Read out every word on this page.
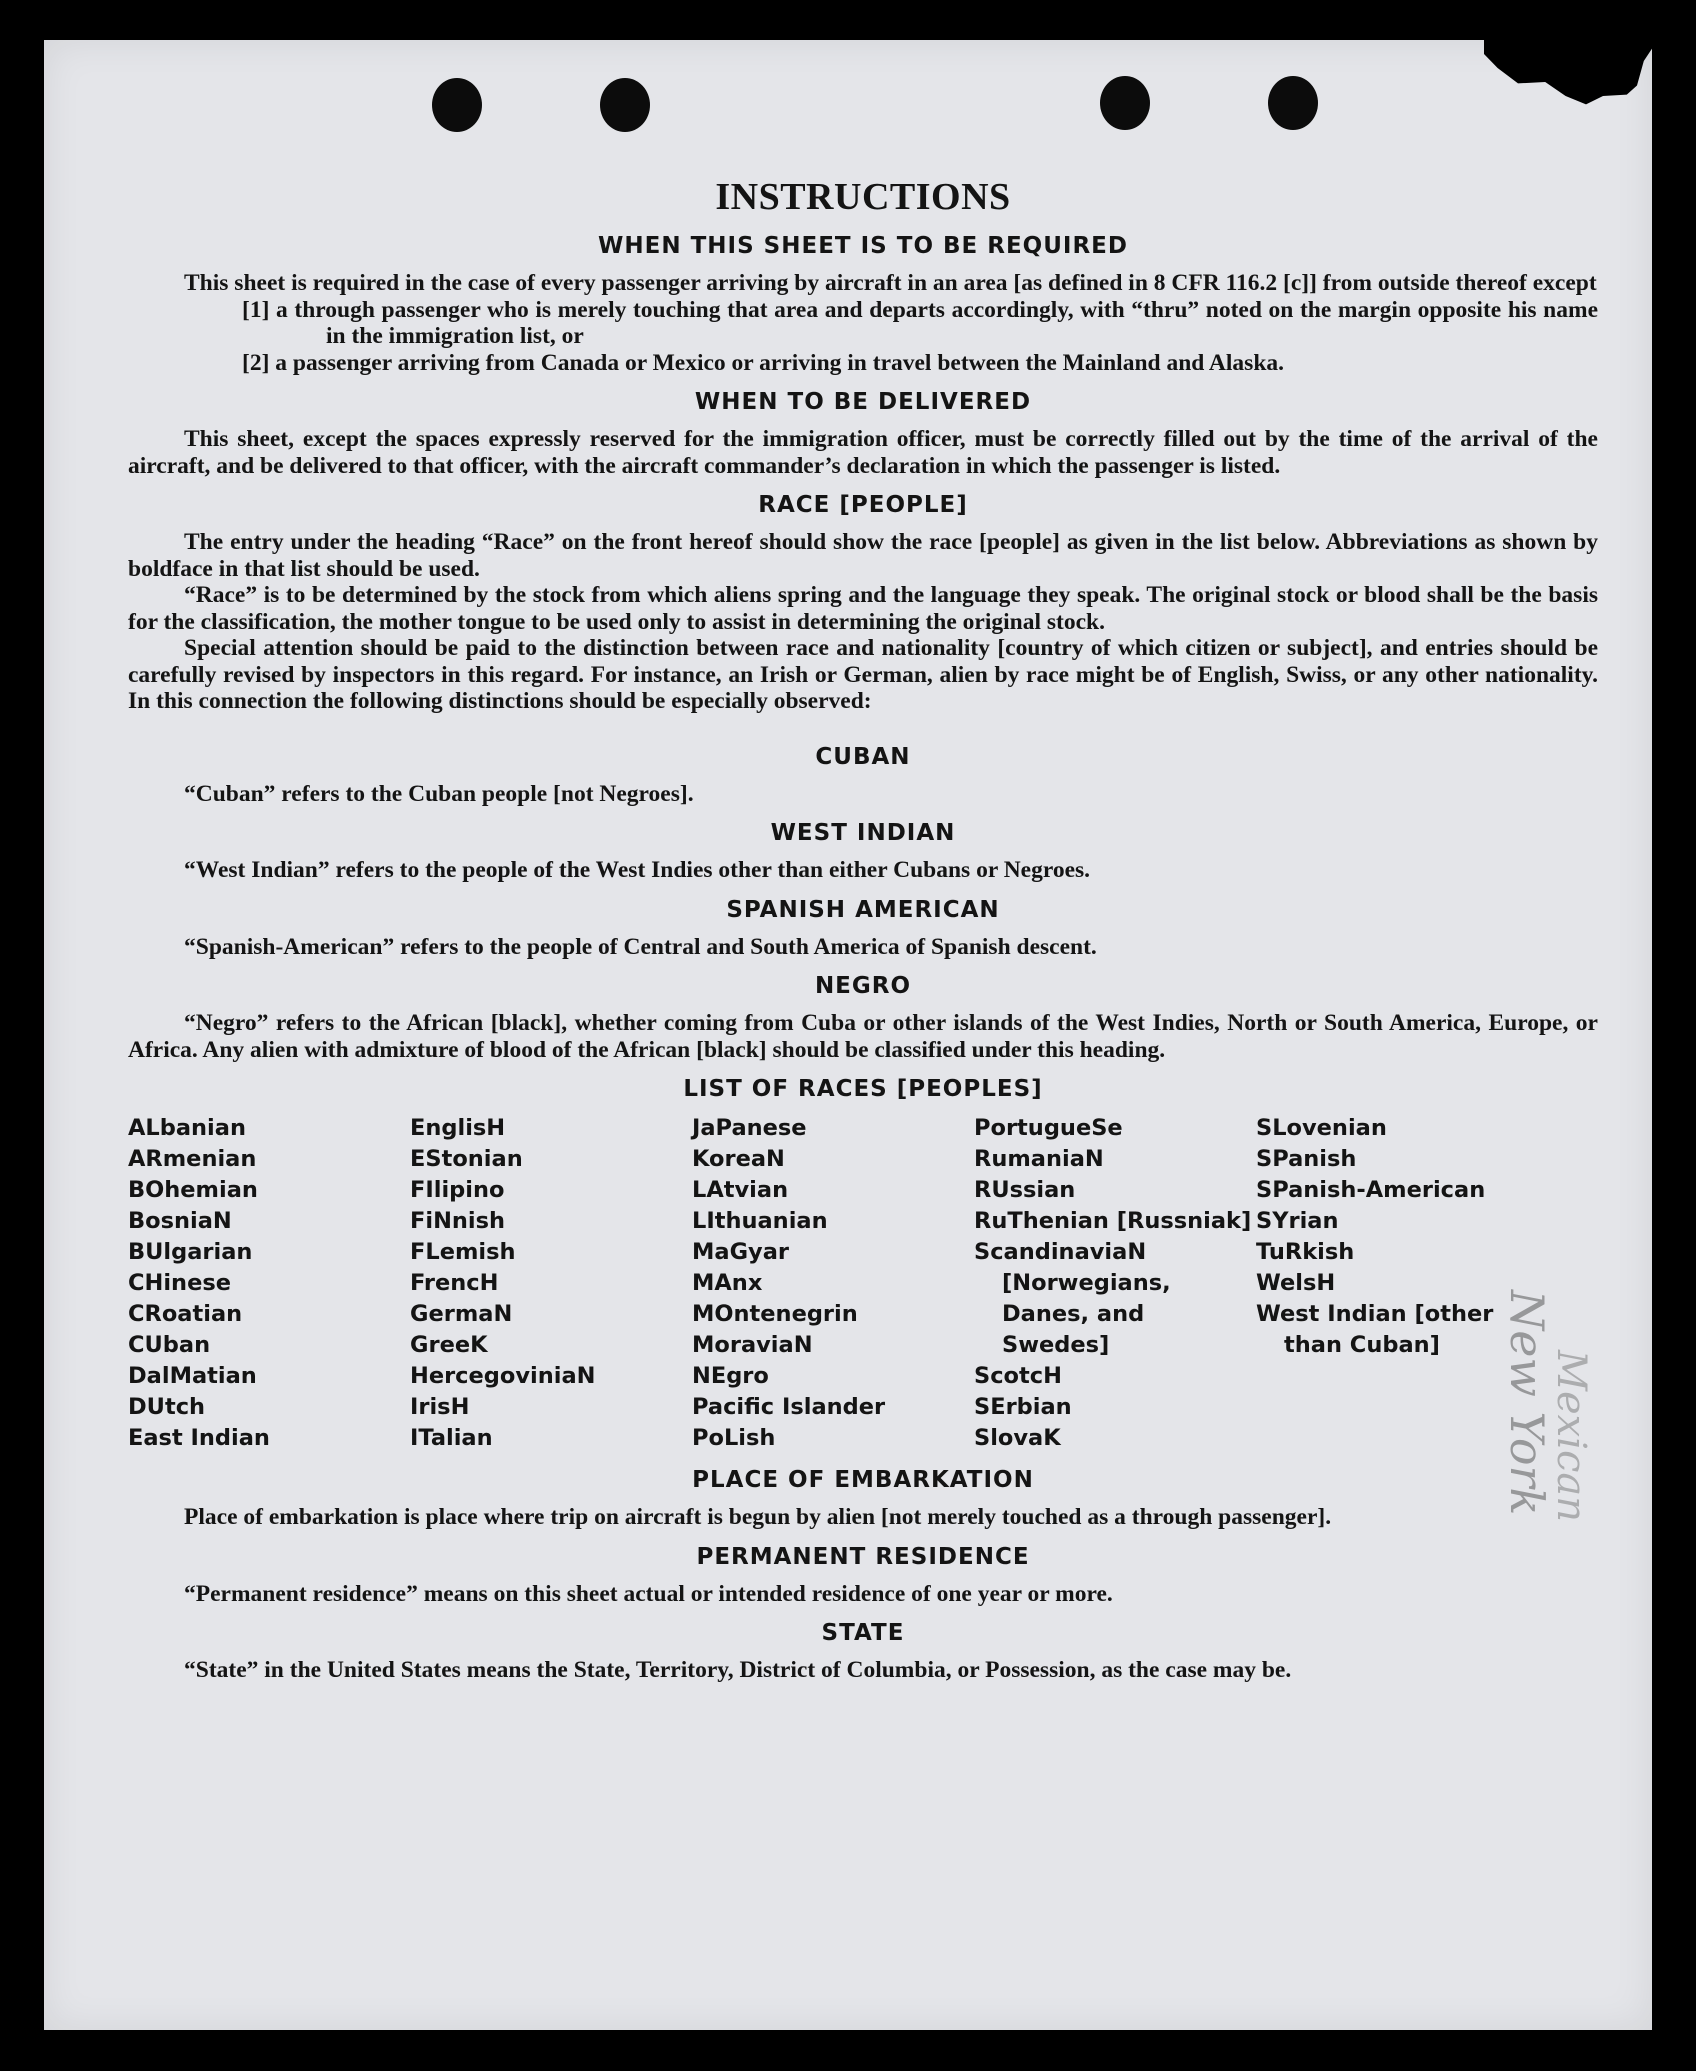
INSTRUCTIONS
WHEN THIS SHEET IS TO BE REQUIRED

This sheet is required in the case of every passenger arriving by aircraft in an area [as defined in 8 CFR 116.2 [c]] from outside thereof except

[1] a through passenger who is merely touching that area and departs accordingly, with “thru” noted on the margin opposite his name in the immigration list, or
[2] a passenger arriving from Canada or Mexico or arriving in travel between the Mainland and Alaska.
WHEN TO BE DELIVERED

This sheet, except the spaces expressly reserved for the immigration officer, must be correctly filled out by the time of the arrival of the aircraft, and be delivered to that officer, with the aircraft commander’s declaration in which the passenger is listed.

RACE [PEOPLE]

The entry under the heading “Race” on the front hereof should show the race [people] as given in the list below. Abbreviations as shown by boldface in that list should be used.

“Race” is to be determined by the stock from which aliens spring and the language they speak. The original stock or blood shall be the basis for the classification, the mother tongue to be used only to assist in determining the original stock.

Special attention should be paid to the distinction between race and nationality [country of which citizen or subject], and entries should be carefully revised by inspectors in this regard. For instance, an Irish or German, alien by race might be of English, Swiss, or any other nationality. In this connection the following distinctions should be especially observed:

CUBAN

“Cuban” refers to the Cuban people [not Negroes].

WEST INDIAN

“West Indian” refers to the people of the West Indies other than either Cubans or Negroes.

SPANISH AMERICAN

“Spanish-American” refers to the people of Central and South America of Spanish descent.

NEGRO

“Negro” refers to the African [black], whether coming from Cuba or other islands of the West Indies, North or South America, Europe, or Africa. Any alien with admixture of blood of the African [black] should be classified under this heading.

LIST OF RACES [PEOPLES]
ALbanian
ARmenian
BOhemian
BosniaN
BUlgarian
CHinese
CRoatian
CUban
DalMatian
DUtch
East Indian
EnglisH
EStonian
FIlipino
FiNnish
FLemish
FrencH
GermaN
GreeK
HercegoviniaN
IrisH
ITalian
JaPanese
KoreaN
LAtvian
LIthuanian
MaGyar
MAnx
MOntenegrin
MoraviaN
NEgro
Pacific Islander
PoLish
PortugueSe
RumaniaN
RUssian
RuThenian [Russniak]
ScandinaviaN [Norwegians, Danes, and Swedes]
ScotcH
SErbian
SlovaK
SLovenian
SPanish
SPanish-American
SYrian
TuRkish
WelsH
West Indian [other than Cuban]
PLACE OF EMBARKATION

Place of embarkation is place where trip on aircraft is begun by alien [not merely touched as a through passenger].

PERMANENT RESIDENCE

“Permanent residence” means on this sheet actual or intended residence of one year or more.

STATE

“State” in the United States means the State, Territory, District of Columbia, or Possession, as the case may be.

New York
Mexican
